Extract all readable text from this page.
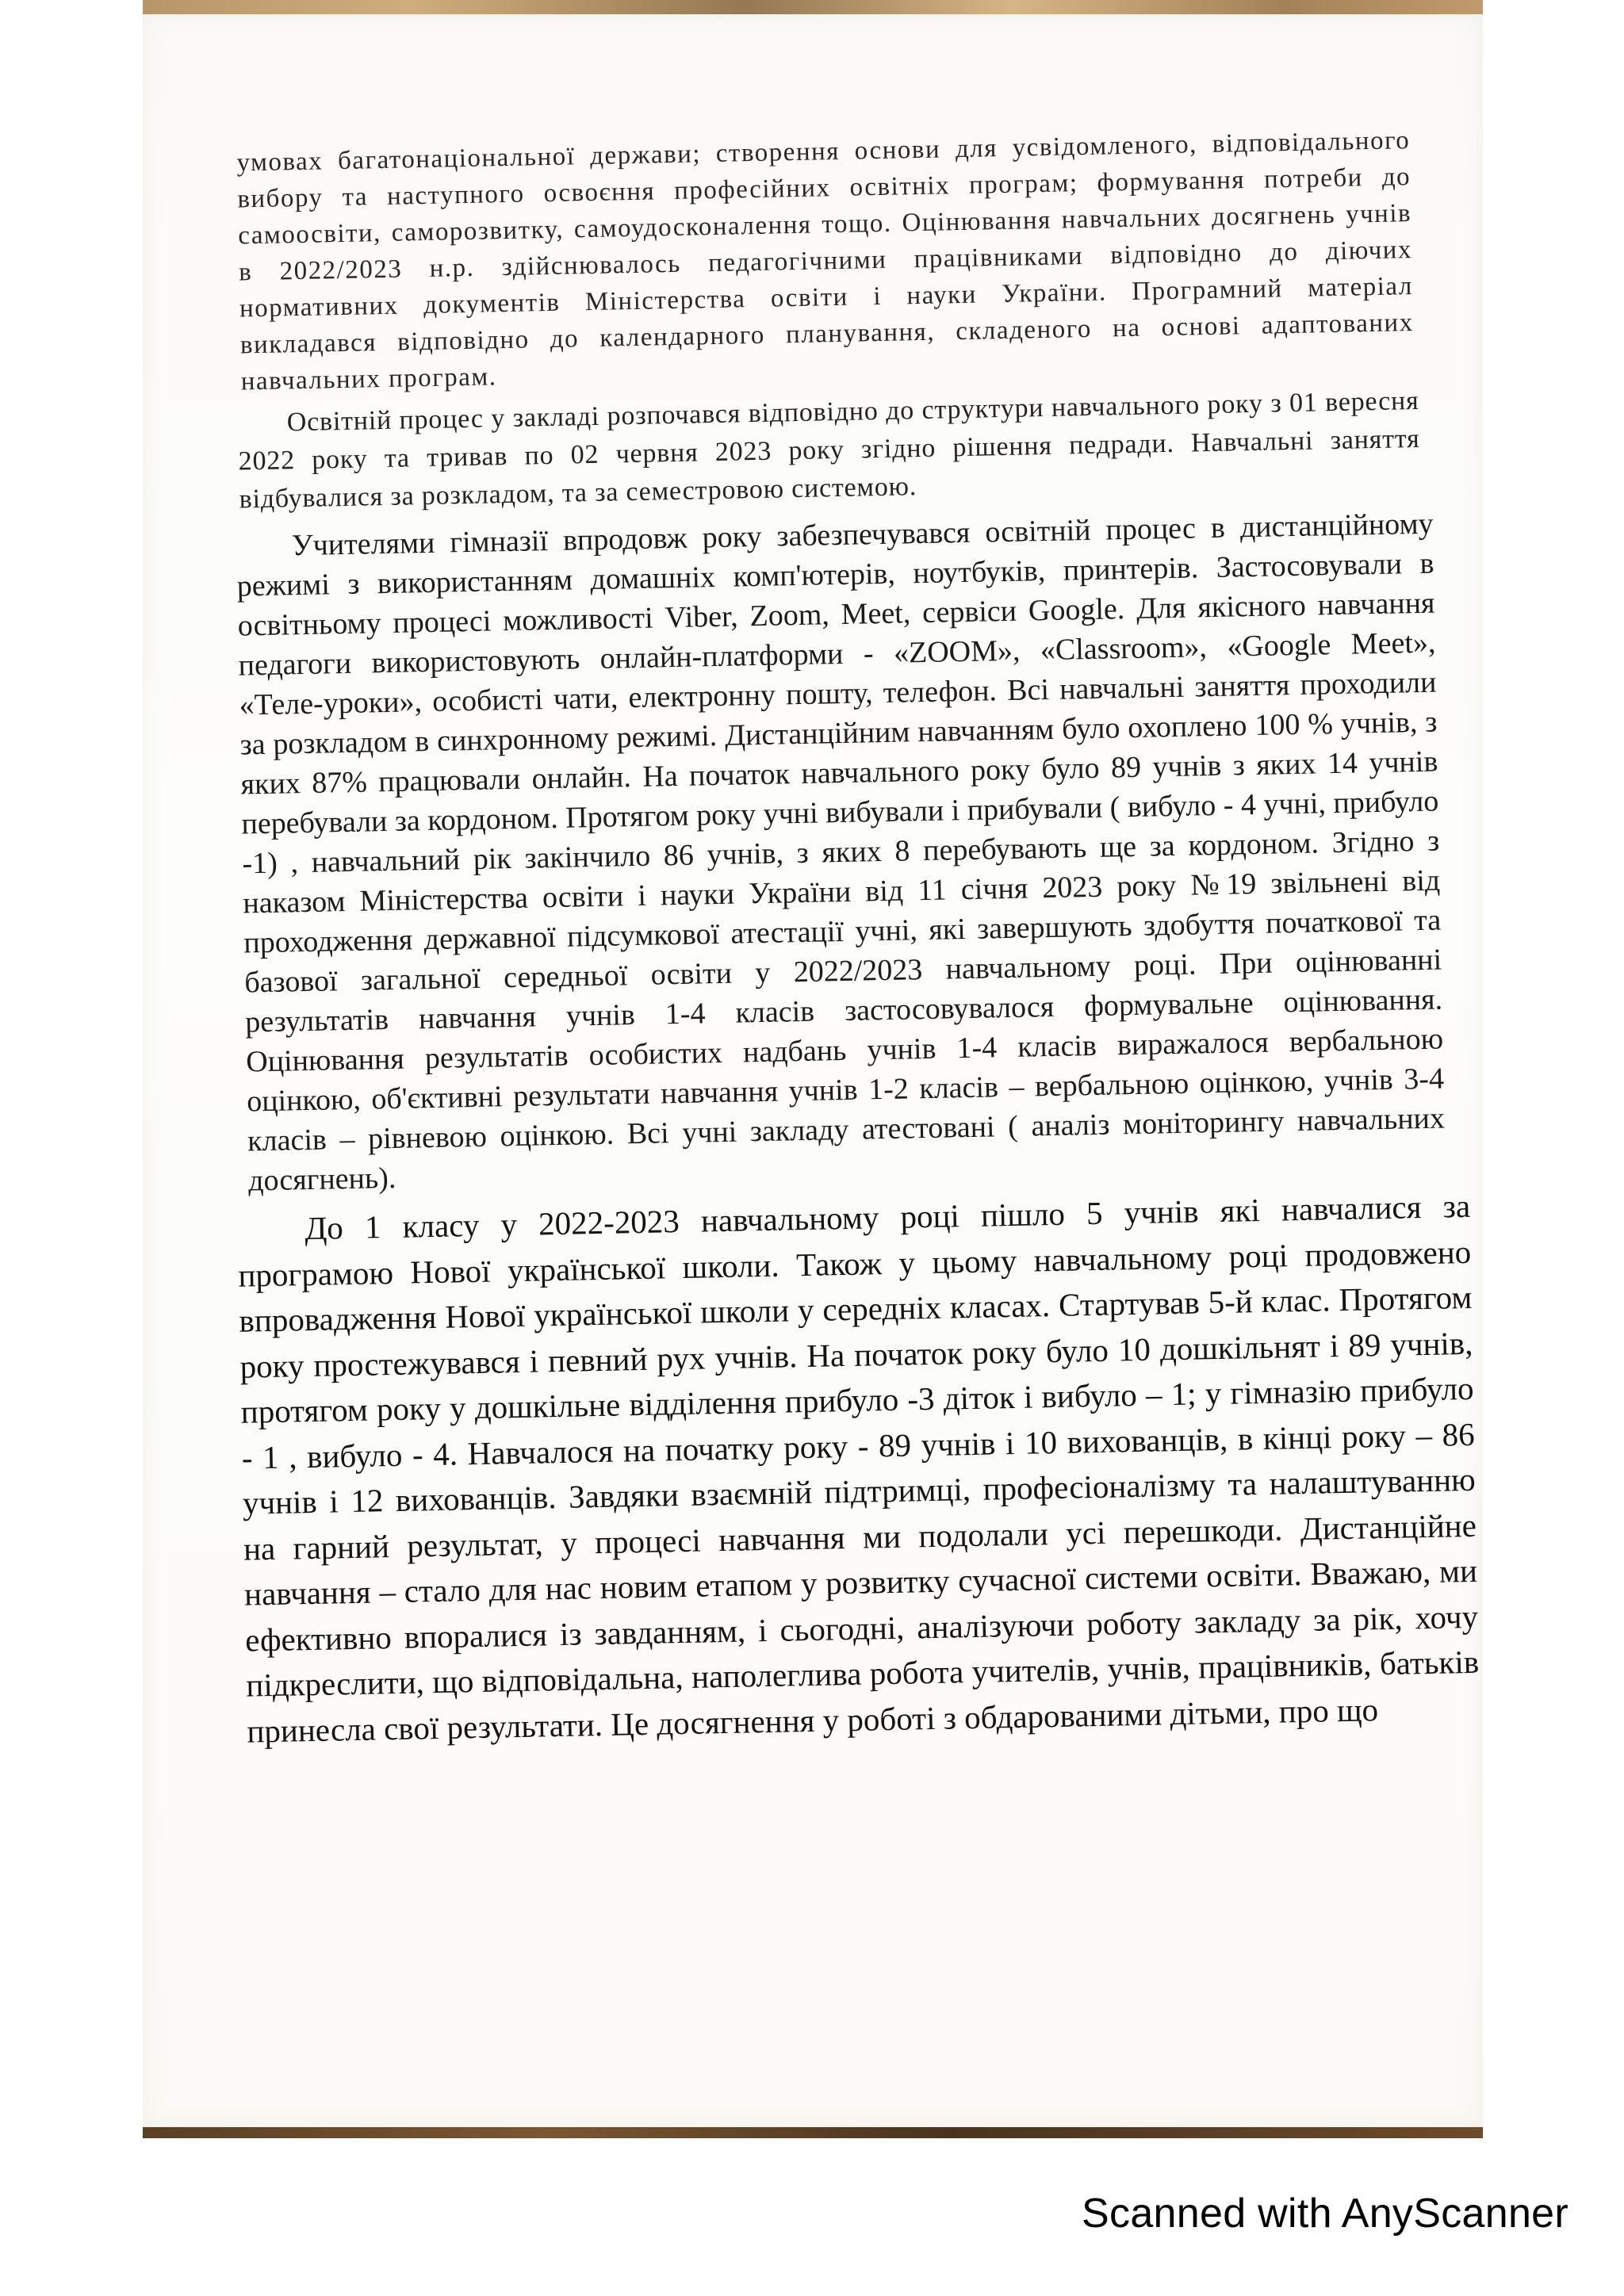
умовах багатонаціональної держави; створення основи для усвідомленого, відповідального вибору та наступного освоєння професійних освітніх програм; формування потреби до самоосвіти, саморозвитку, самоудосконалення тощо. Оцінювання навчальних досягнень учнів в 2022/2023 н.р. здійснювалось педагогічними працівниками відповідно до діючих нормативних документів Міністерства освіти і науки України. Програмний матеріал викладався відповідно до календарного планування, складеного на основі адаптованих навчальних програм.

Освітній процес у закладі розпочався відповідно до структури навчального року з 01 вересня 2022 року та тривав по 02 червня 2023 року згідно рішення педради. Навчальні заняття відбувалися за розкладом, та за семестровою системою.

Учителями гімназії впродовж року забезпечувався освітній процес в дистанційному режимі з використанням домашніх комп'ютерів, ноутбуків, принтерів. Застосовували в освітньому процесі можливості Viber, Zoom, Meet, сервіси Google. Для якісного навчання педагоги використовують онлайн-платформи - «ZOOM», «Classroom», «Google Meet», «Теле-уроки», особисті чати, електронну пошту, телефон. Всі навчальні заняття проходили за розкладом в синхронному режимі. Дистанційним навчанням було охоплено 100 % учнів, з яких 87% працювали онлайн. На початок навчального року було 89 учнів з яких 14 учнів перебували за кордоном. Протягом року учні вибували і прибували ( вибуло - 4 учні, прибуло -1) , навчальний рік закінчило 86 учнів, з яких 8 перебувають ще за кордоном. Згідно з наказом Міністерства освіти і науки України від 11 січня 2023 року №19 звільнені від проходження державної підсумкової атестації учні, які завершують здобуття початкової та базової загальної середньої освіти у 2022/2023 навчальному році. При оцінюванні результатів навчання учнів 1-4 класів застосовувалося формувальне оцінювання. Оцінювання результатів особистих надбань учнів 1-4 класів виражалося вербальною оцінкою, об'єктивні результати навчання учнів 1-2 класів – вербальною оцінкою, учнів 3-4 класів – рівневою оцінкою. Всі учні закладу атестовані ( аналіз моніторингу навчальних досягнень).

До 1 класу у 2022-2023 навчальному році пішло 5 учнів які навчалися за програмою Нової української школи. Також у цьому навчальному році продовжено впровадження Нової української школи у середніх класах. Стартував 5-й клас. Протягом року простежувався і певний рух учнів. На початок року було 10 дошкільнят і 89 учнів, протягом року у дошкільне відділення прибуло -3 діток і вибуло – 1; у гімназію прибуло - 1 , вибуло - 4. Навчалося на початку року - 89 учнів і 10 вихованців, в кінці року – 86 учнів і 12 вихованців. Завдяки взаємній підтримці, професіоналізму та налаштуванню на гарний результат, у процесі навчання ми подолали усі перешкоди. Дистанційне навчання – стало для нас новим етапом у розвитку сучасної системи освіти. Вважаю, ми ефективно впоралися із завданням, і сьогодні, аналізуючи роботу закладу за рік, хочу підкреслити, що відповідальна, наполеглива робота учителів, учнів, працівників, батьків принесла свої результати. Це досягнення у роботі з обдарованими дітьми, про що

Scanned with AnyScanner
